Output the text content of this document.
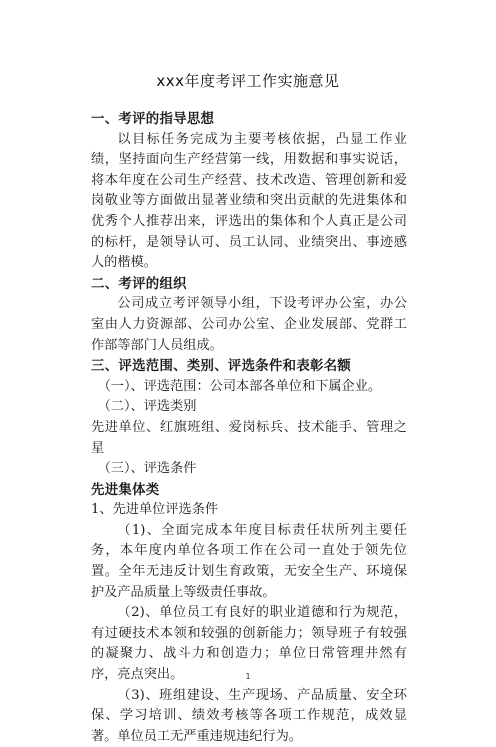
xxx年度考评工作实施意见

一、考评的指导思想

以目标任务完成为主要考核依据，凸显工作业绩，坚持面向生产经营第一线，用数据和事实说话，将本年度在公司生产经营、技术改造、管理创新和爱岗敬业等方面做出显著业绩和突出贡献的先进集体和优秀个人推荐出来，评选出的集体和个人真正是公司的标杆，是领导认可、员工认同、业绩突出、事迹感人的楷模。

二、考评的组织

公司成立考评领导小组，下设考评办公室，办公室由人力资源部、公司办公室、企业发展部、党群工作部等部门人员组成。

三、评选范围、类别、评选条件和表彰名额

（一）、评选范围：公司本部各单位和下属企业。

（二）、评选类别

先进单位、红旗班组、爱岗标兵、技术能手、管理之星

（三）、评选条件

先进集体类

1、先进单位评选条件

（1)、全面完成本年度目标责任状所列主要任务，本年度内单位各项工作在公司一直处于领先位置。全年无违反计划生育政策，无安全生产、环境保护及产品质量上等级责任事故。

（2)、单位员工有良好的职业道德和行为规范，有过硬技术本领和较强的创新能力；领导班子有较强的凝聚力、战斗力和创造力；单位日常管理井然有序，亮点突出。

（3)、班组建设、生产现场、产品质量、安全环保、学习培训、绩效考核等各项工作规范，成效显著。单位员工无严重违规违纪行为。

1
